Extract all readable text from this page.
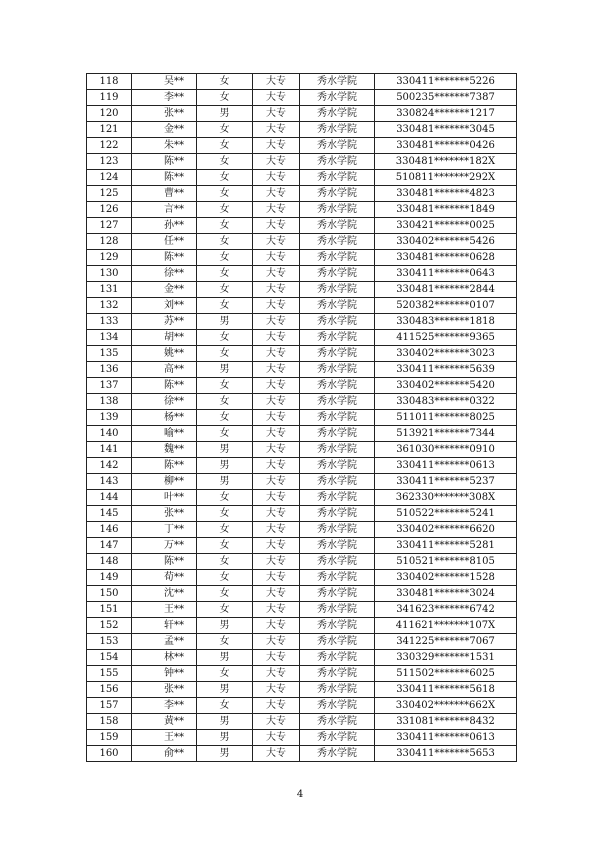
118	吴**	女	大专	秀水学院	330411*******5226
119	李**	女	大专	秀水学院	500235*******7387
120	张**	男	大专	秀水学院	330824*******1217
121	金**	女	大专	秀水学院	330481*******3045
122	朱**	女	大专	秀水学院	330481*******0426
123	陈**	女	大专	秀水学院	330481*******182X
124	陈**	女	大专	秀水学院	510811*******292X
125	曹**	女	大专	秀水学院	330481*******4823
126	言**	女	大专	秀水学院	330481*******1849
127	孙**	女	大专	秀水学院	330421*******0025
128	任**	女	大专	秀水学院	330402*******5426
129	陈**	女	大专	秀水学院	330481*******0628
130	徐**	女	大专	秀水学院	330411*******0643
131	金**	女	大专	秀水学院	330481*******2844
132	刘**	女	大专	秀水学院	520382*******0107
133	苏**	男	大专	秀水学院	330483*******1818
134	胡**	女	大专	秀水学院	411525*******9365
135	姚**	女	大专	秀水学院	330402*******3023
136	高**	男	大专	秀水学院	330411*******5639
137	陈**	女	大专	秀水学院	330402*******5420
138	徐**	女	大专	秀水学院	330483*******0322
139	杨**	女	大专	秀水学院	511011*******8025
140	喻**	女	大专	秀水学院	513921*******7344
141	魏**	男	大专	秀水学院	361030*******0910
142	陈**	男	大专	秀水学院	330411*******0613
143	柳**	男	大专	秀水学院	330411*******5237
144	叶**	女	大专	秀水学院	362330*******308X
145	张**	女	大专	秀水学院	510522*******5241
146	丁**	女	大专	秀水学院	330402*******6620
147	万**	女	大专	秀水学院	330411*******5281
148	陈**	女	大专	秀水学院	510521*******8105
149	荀**	女	大专	秀水学院	330402*******1528
150	沈**	女	大专	秀水学院	330481*******3024
151	王**	女	大专	秀水学院	341623*******6742
152	轩**	男	大专	秀水学院	411621*******107X
153	孟**	女	大专	秀水学院	341225*******7067
154	林**	男	大专	秀水学院	330329*******1531
155	钟**	女	大专	秀水学院	511502*******6025
156	张**	男	大专	秀水学院	330411*******5618
157	李**	女	大专	秀水学院	330402*******662X
158	黄**	男	大专	秀水学院	331081*******8432
159	王**	男	大专	秀水学院	330411*******0613
160	俞**	男	大专	秀水学院	330411*******5653
4
